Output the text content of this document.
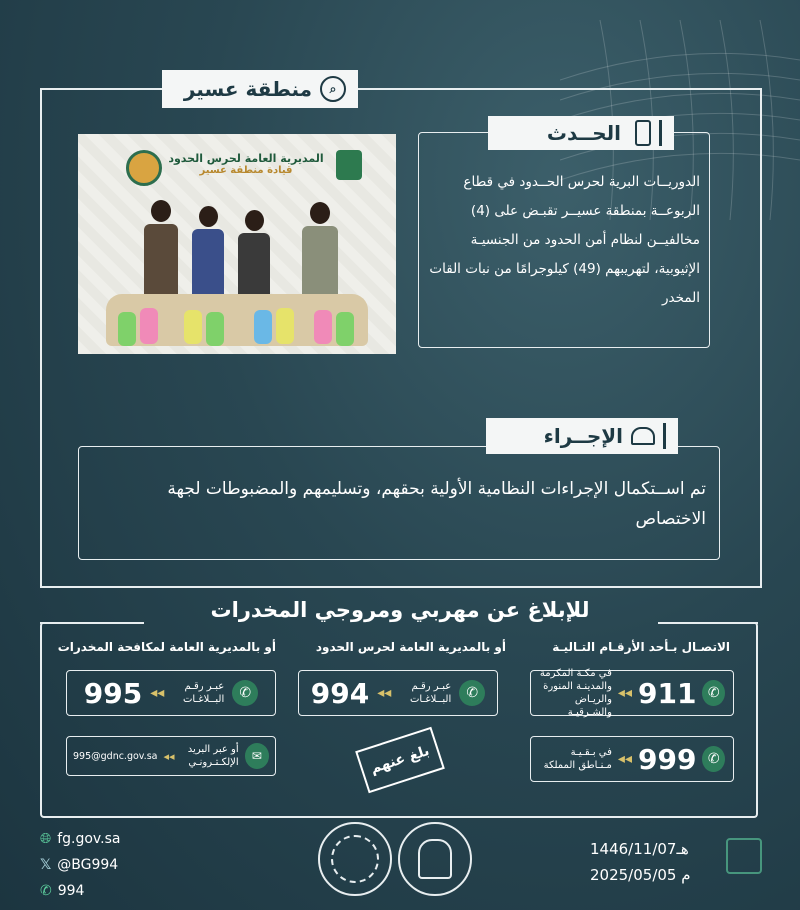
منطقة عسير	⌕
المديرية العامة لحرس الحدود
قيادة منطقة عسير
الحــدث
الدوريــات البرية لحرس الحــدود في قطاع الربوعــة بمنطقة عسيــر تقبـض على (4) مخالفيــن لنظام أمن الحدود من الجنسيـة الإثيوبية، لتهريبهم (49) كيلوجرامًا من نبات القات المخدر
الإجــراء
تم اســتكمال الإجراءات النظامية الأولية بحقهم، وتسليمهم والمضبوطات لجهة الاختصاص
للإبلاغ عن مهربي ومروجي المخدرات
الاتصـال بـأحد الأرقـام التـاليـة
أو بالمديرية العامة لحرس الحدود
أو بالمديرية العامة لمكافحة المخدرات
في مكـة المكرمة والمدينـة المنورة والريـاض والشـرقيـة
◂◂ 911 ✆
في بـقـيـة مـنـاطق المملكة ◂◂ 999 ✆
994 ◂◂	عبـر رقـم البــلاغـات	✆
995 ◂◂	عبـر رقـم البــلاغـات	✆
995@gdnc.gov.sa ◂◂	أو عبر البريد الإلكـتـرونـي	✉	بلغ عنهم
🌐︎ fg.gov.sa
𝕏 @BG994
✆ 994
1446/11/07هـ
2025/05/05 م
